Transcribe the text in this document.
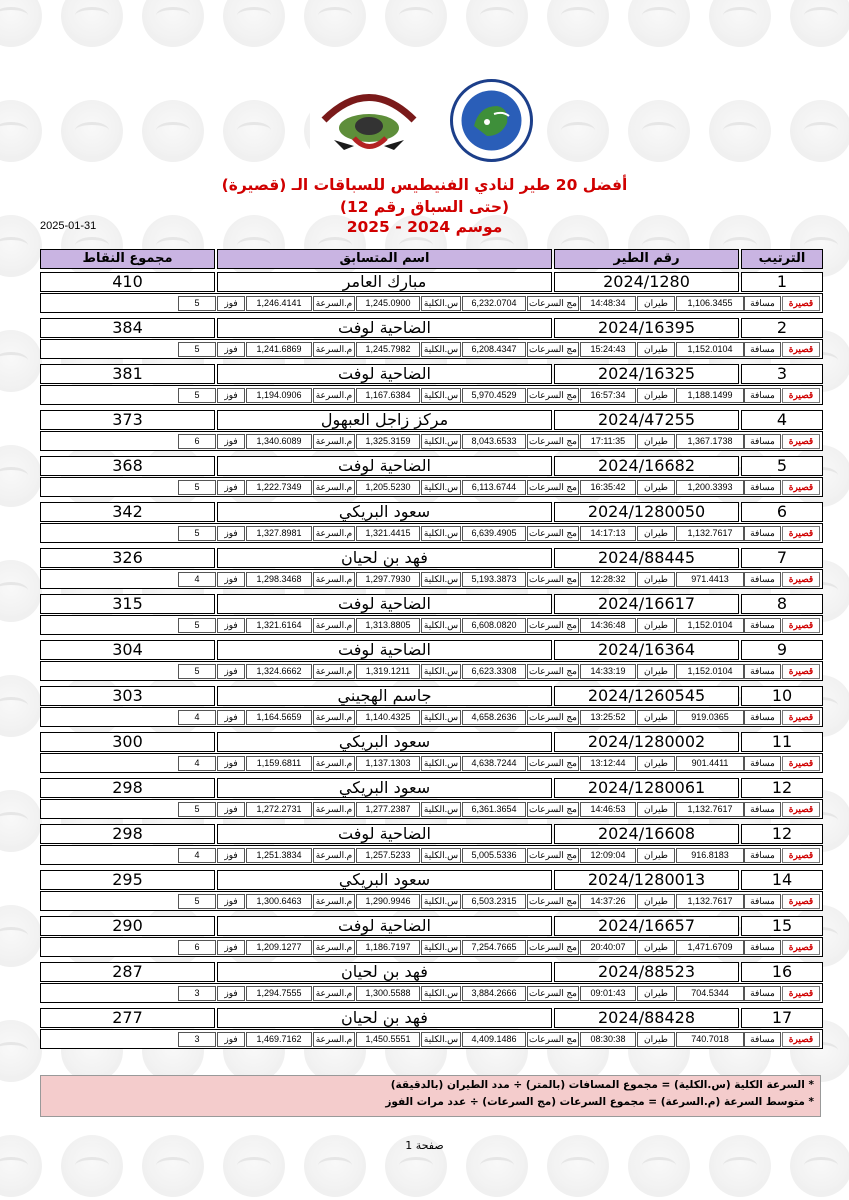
أفضل 20 طير لنادي الفنيطيس للسباقات الـ (قصيرة)
(حتى السباق رقم 12)
موسم 2024 - 2025
2025-01-31
الترتيب
رقم الطير
اسم المتسابق
مجموع النقاط
1
2024/1280
مبارك العامر
410
قصيرة
مسافة
1,106.3455
طيران
14:48:34
مج السرعات
6,232.0704
س.الكلية
1,245.0900
م.السرعة
1,246.4141
فوز
5
2
2024/16395
الضاحية لوفت
384
قصيرة
مسافة
1,152.0104
طيران
15:24:43
مج السرعات
6,208.4347
س.الكلية
1,245.7982
م.السرعة
1,241.6869
فوز
5
3
2024/16325
الضاحية لوفت
381
قصيرة
مسافة
1,188.1499
طيران
16:57:34
مج السرعات
5,970.4529
س.الكلية
1,167.6384
م.السرعة
1,194.0906
فوز
5
4
2024/47255
مركز زاجل العبهول
373
قصيرة
مسافة
1,367.1738
طيران
17:11:35
مج السرعات
8,043.6533
س.الكلية
1,325.3159
م.السرعة
1,340.6089
فوز
6
5
2024/16682
الضاحية لوفت
368
قصيرة
مسافة
1,200.3393
طيران
16:35:42
مج السرعات
6,113.6744
س.الكلية
1,205.5230
م.السرعة
1,222.7349
فوز
5
6
2024/1280050
سعود البريكي
342
قصيرة
مسافة
1,132.7617
طيران
14:17:13
مج السرعات
6,639.4905
س.الكلية
1,321.4415
م.السرعة
1,327.8981
فوز
5
7
2024/88445
فهد بن لحيان
326
قصيرة
مسافة
971.4413
طيران
12:28:32
مج السرعات
5,193.3873
س.الكلية
1,297.7930
م.السرعة
1,298.3468
فوز
4
8
2024/16617
الضاحية لوفت
315
قصيرة
مسافة
1,152.0104
طيران
14:36:48
مج السرعات
6,608.0820
س.الكلية
1,313.8805
م.السرعة
1,321.6164
فوز
5
9
2024/16364
الضاحية لوفت
304
قصيرة
مسافة
1,152.0104
طيران
14:33:19
مج السرعات
6,623.3308
س.الكلية
1,319.1211
م.السرعة
1,324.6662
فوز
5
10
2024/1260545
جاسم الهجيني
303
قصيرة
مسافة
919.0365
طيران
13:25:52
مج السرعات
4,658.2636
س.الكلية
1,140.4325
م.السرعة
1,164.5659
فوز
4
11
2024/1280002
سعود البريكي
300
قصيرة
مسافة
901.4411
طيران
13:12:44
مج السرعات
4,638.7244
س.الكلية
1,137.1303
م.السرعة
1,159.6811
فوز
4
12
2024/1280061
سعود البريكي
298
قصيرة
مسافة
1,132.7617
طيران
14:46:53
مج السرعات
6,361.3654
س.الكلية
1,277.2387
م.السرعة
1,272.2731
فوز
5
12
2024/16608
الضاحية لوفت
298
قصيرة
مسافة
916.8183
طيران
12:09:04
مج السرعات
5,005.5336
س.الكلية
1,257.5233
م.السرعة
1,251.3834
فوز
4
14
2024/1280013
سعود البريكي
295
قصيرة
مسافة
1,132.7617
طيران
14:37:26
مج السرعات
6,503.2315
س.الكلية
1,290.9946
م.السرعة
1,300.6463
فوز
5
15
2024/16657
الضاحية لوفت
290
قصيرة
مسافة
1,471.6709
طيران
20:40:07
مج السرعات
7,254.7665
س.الكلية
1,186.7197
م.السرعة
1,209.1277
فوز
6
16
2024/88523
فهد بن لحيان
287
قصيرة
مسافة
704.5344
طيران
09:01:43
مج السرعات
3,884.2666
س.الكلية
1,300.5588
م.السرعة
1,294.7555
فوز
3
17
2024/88428
فهد بن لحيان
277
قصيرة
مسافة
740.7018
طيران
08:30:38
مج السرعات
4,409.1486
س.الكلية
1,450.5551
م.السرعة
1,469.7162
فوز
3
* السرعة الكلية (س.الكلية) = مجموع المسافات (بالمتر) ÷ مدد الطيران (بالدقيقة)
* متوسط السرعة (م.السرعة) = مجموع السرعات (مج السرعات) ÷ عدد مرات الفوز
صفحة 1
